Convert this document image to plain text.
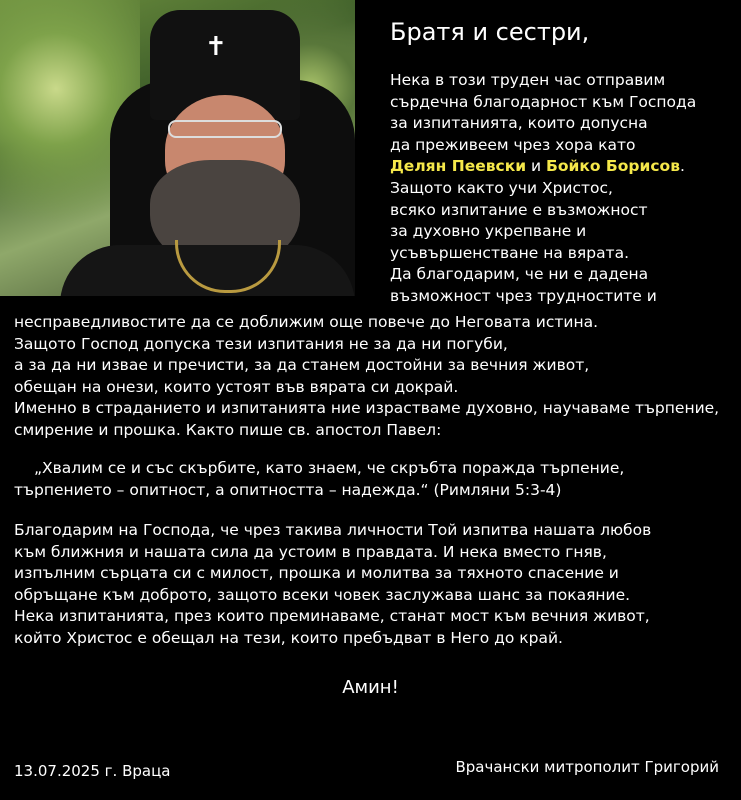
✝	Братя и сестри,

Нека в този труден час отправим
сърдечна благодарност към Господа
за изпитанията, които допусна
да преживеем чрез хора като
Делян Пеевски и Бойко Борисов.
Защото както учи Христос,
всяко изпитание е възможност
за духовно укрепване и
усъвършенстване на вярата.
Да благодарим, че ни е дадена
възможност чрез трудностите и

несправедливостите да се доближим още повече до Неговата истина.
Защото Господ допуска тези изпитания не за да ни погуби,
а за да ни извае и пречисти, за да станем достойни за вечния живот,
обещан на онези, които устоят във вярата си докрай.
Именно в страданието и изпитанията ние израстваме духовно, научаваме търпение,
смирение и прошка. Както пише св. апостол Павел:

„Хвалим се и със скърбите, като знаем, че скръбта поражда търпение,
търпението – опитност, а опитността – надежда.“ (Римляни 5:3-4)

Благодарим на Господа, че чрез такива личности Той изпитва нашата любов
към ближния и нашата сила да устоим в правдата. И нека вместо гняв,
изпълним сърцата си с милост, прошка и молитва за тяхното спасение и
обръщане към доброто, защото всеки човек заслужава шанс за покаяние.
Нека изпитанията, през които преминаваме, станат мост към вечния живот,
който Христос е обещал на тези, които пребъдват в Него до край.

Амин!
13.07.2025 г. Враца	Врачански митрополит Григорий
